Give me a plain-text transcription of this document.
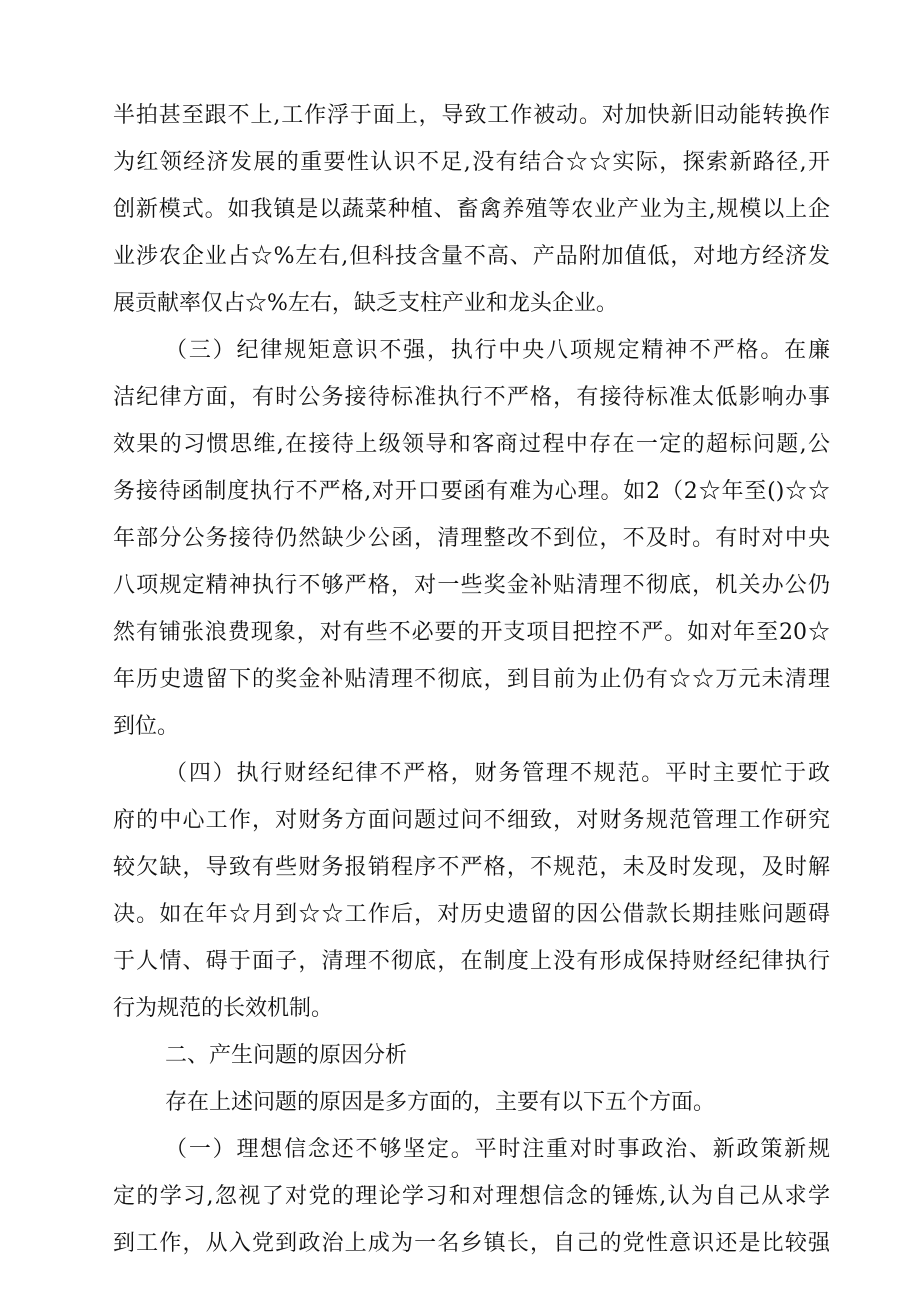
半拍甚至跟不上,工作浮于面上，导致工作被动。对加快新旧动能转换作
为红领经济发展的重要性认识不足,没有结合☆☆实际，探索新路径,开
创新模式。如我镇是以蔬菜种植、畜禽养殖等农业产业为主,规模以上企
业涉农企业占☆%左右,但科技含量不高、产品附加值低，对地方经济发
展贡献率仅占☆%左右，缺乏支柱产业和龙头企业。
（三）纪律规矩意识不强，执行中央八项规定精神不严格。在廉
洁纪律方面，有时公务接待标准执行不严格，有接待标准太低影响办事
效果的习惯思维,在接待上级领导和客商过程中存在一定的超标问题,公
务接待函制度执行不严格,对开口要函有难为心理。如2（2☆年至()☆☆
年部分公务接待仍然缺少公函，清理整改不到位，不及时。有时对中央
八项规定精神执行不够严格，对一些奖金补贴清理不彻底，机关办公仍
然有铺张浪费现象，对有些不必要的开支项目把控不严。如对年至20☆
年历史遗留下的奖金补贴清理不彻底，到目前为止仍有☆☆万元未清理
到位。
（四）执行财经纪律不严格，财务管理不规范。平时主要忙于政
府的中心工作，对财务方面问题过问不细致，对财务规范管理工作研究
较欠缺，导致有些财务报销程序不严格，不规范，未及时发现，及时解
决。如在年☆月到☆☆工作后，对历史遗留的因公借款长期挂账问题碍
于人情、碍于面子，清理不彻底，在制度上没有形成保持财经纪律执行
行为规范的长效机制。
二、产生问题的原因分析
存在上述问题的原因是多方面的，主要有以下五个方面。
（一）理想信念还不够坚定。平时注重对时事政治、新政策新规
定的学习,忽视了对党的理论学习和对理想信念的锤炼,认为自己从求学
到工作，从入党到政治上成为一名乡镇长，自己的党性意识还是比较强
